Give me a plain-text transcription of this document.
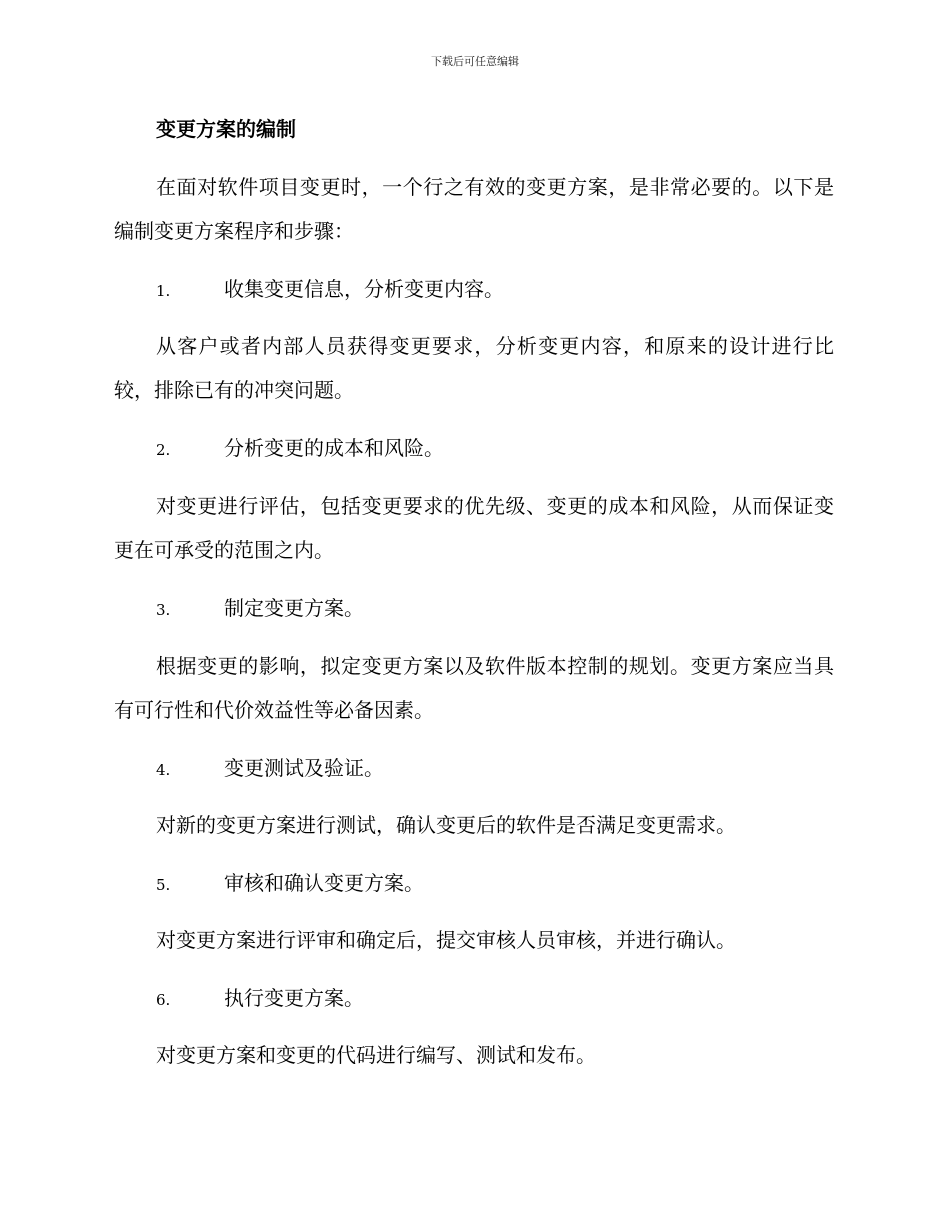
下载后可任意编辑
变更方案的编制

在面对软件项目变更时，一个行之有效的变更方案，是非常必要的。以下是编制变更方案程序和步骤：

1.	收集变更信息，分析变更内容。

从客户或者内部人员获得变更要求，分析变更内容，和原来的设计进行比较，排除已有的冲突问题。

2.	分析变更的成本和风险。

对变更进行评估，包括变更要求的优先级、变更的成本和风险，从而保证变更在可承受的范围之内。

3.	制定变更方案。

根据变更的影响，拟定变更方案以及软件版本控制的规划。变更方案应当具有可行性和代价效益性等必备因素。

4.	变更测试及验证。

对新的变更方案进行测试，确认变更后的软件是否满足变更需求。

5.	审核和确认变更方案。

对变更方案进行评审和确定后，提交审核人员审核，并进行确认。

6.	执行变更方案。

对变更方案和变更的代码进行编写、测试和发布。
